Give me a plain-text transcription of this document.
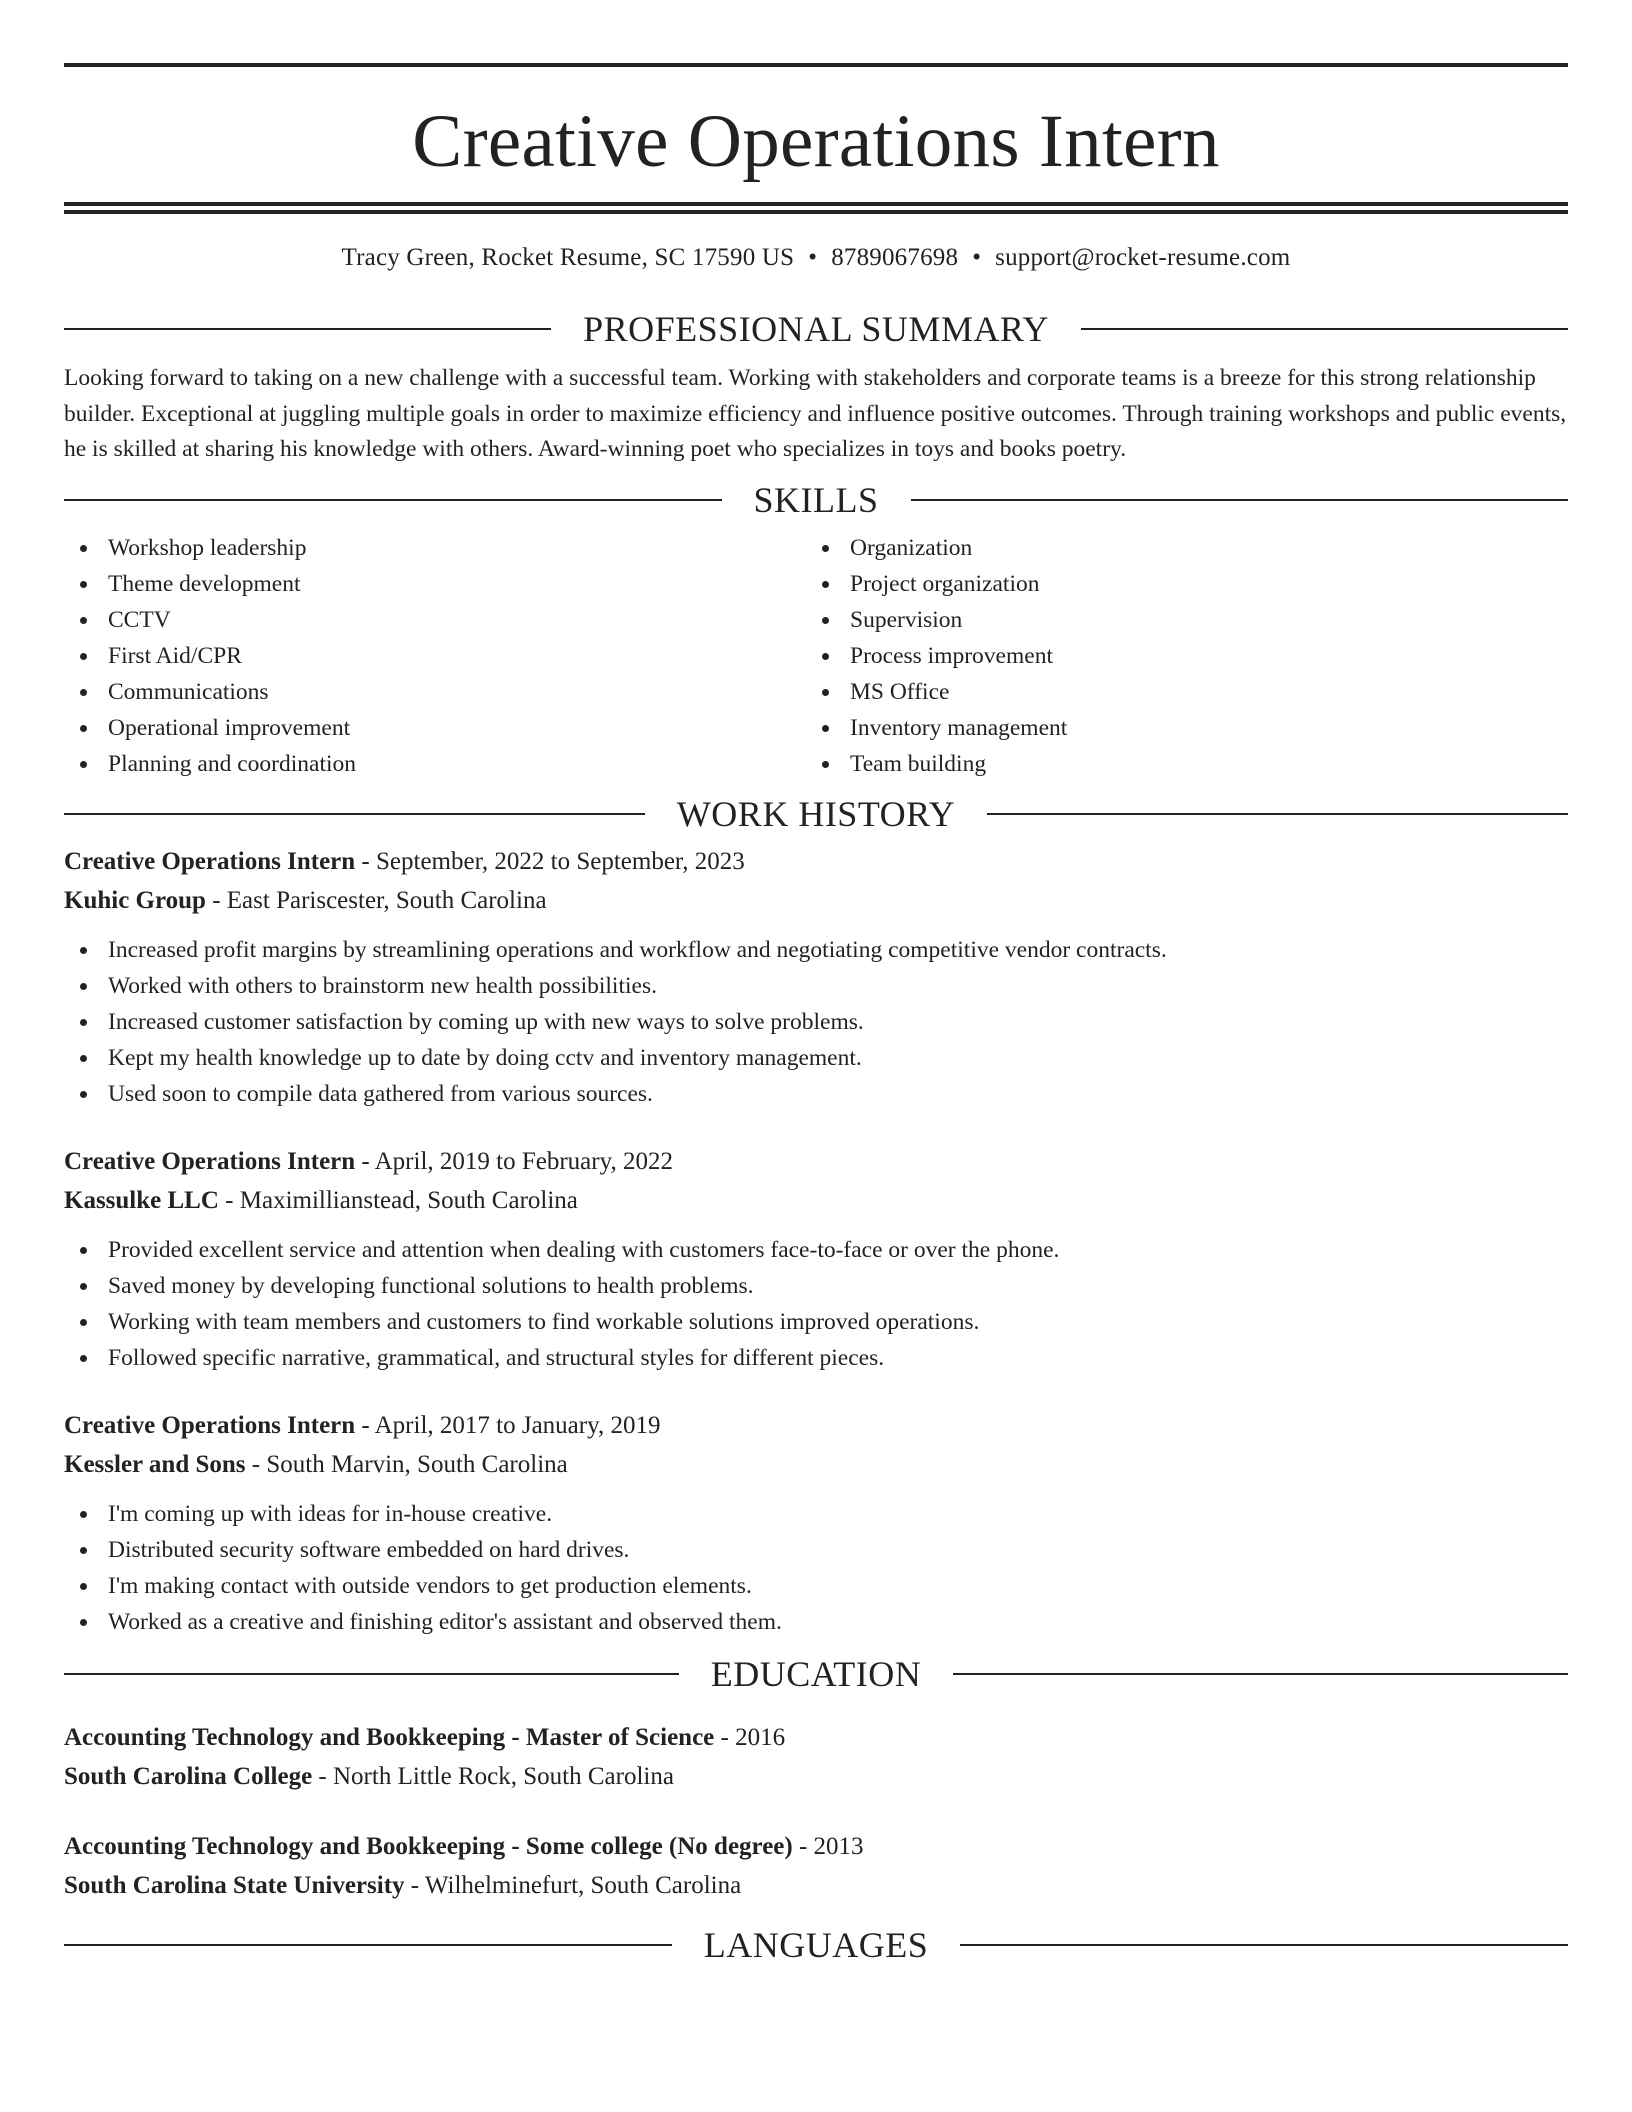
Creative Operations Intern
Tracy Green, Rocket Resume, SC 17590 US • 8789067698 • support@rocket-resume.com
PROFESSIONAL SUMMARY

Looking forward to taking on a new challenge with a successful team. Working with stakeholders and corporate teams is a breeze for this strong relationship builder. Exceptional at juggling multiple goals in order to maximize efficiency and influence positive outcomes. Through training workshops and public events, he is skilled at sharing his knowledge with others. Award-winning poet who specializes in toys and books poetry.

SKILLS
Workshop leadership
Theme development
CCTV
First Aid/CPR
Communications
Operational improvement
Planning and coordination
Organization
Project organization
Supervision
Process improvement
MS Office
Inventory management
Team building
WORK HISTORY
Creative Operations Intern - September, 2022 to September, 2023
Kuhic Group - East Pariscester, South Carolina
Increased profit margins by streamlining operations and workflow and negotiating competitive vendor contracts.
Worked with others to brainstorm new health possibilities.
Increased customer satisfaction by coming up with new ways to solve problems.
Kept my health knowledge up to date by doing cctv and inventory management.
Used soon to compile data gathered from various sources.
Creative Operations Intern - April, 2019 to February, 2022
Kassulke LLC - Maximillianstead, South Carolina
Provided excellent service and attention when dealing with customers face-to-face or over the phone.
Saved money by developing functional solutions to health problems.
Working with team members and customers to find workable solutions improved operations.
Followed specific narrative, grammatical, and structural styles for different pieces.
Creative Operations Intern - April, 2017 to January, 2019
Kessler and Sons - South Marvin, South Carolina
I'm coming up with ideas for in-house creative.
Distributed security software embedded on hard drives.
I'm making contact with outside vendors to get production elements.
Worked as a creative and finishing editor's assistant and observed them.
EDUCATION
Accounting Technology and Bookkeeping - Master of Science - 2016
South Carolina College - North Little Rock, South Carolina
Accounting Technology and Bookkeeping - Some college (No degree) - 2013
South Carolina State University - Wilhelminefurt, South Carolina
LANGUAGES
